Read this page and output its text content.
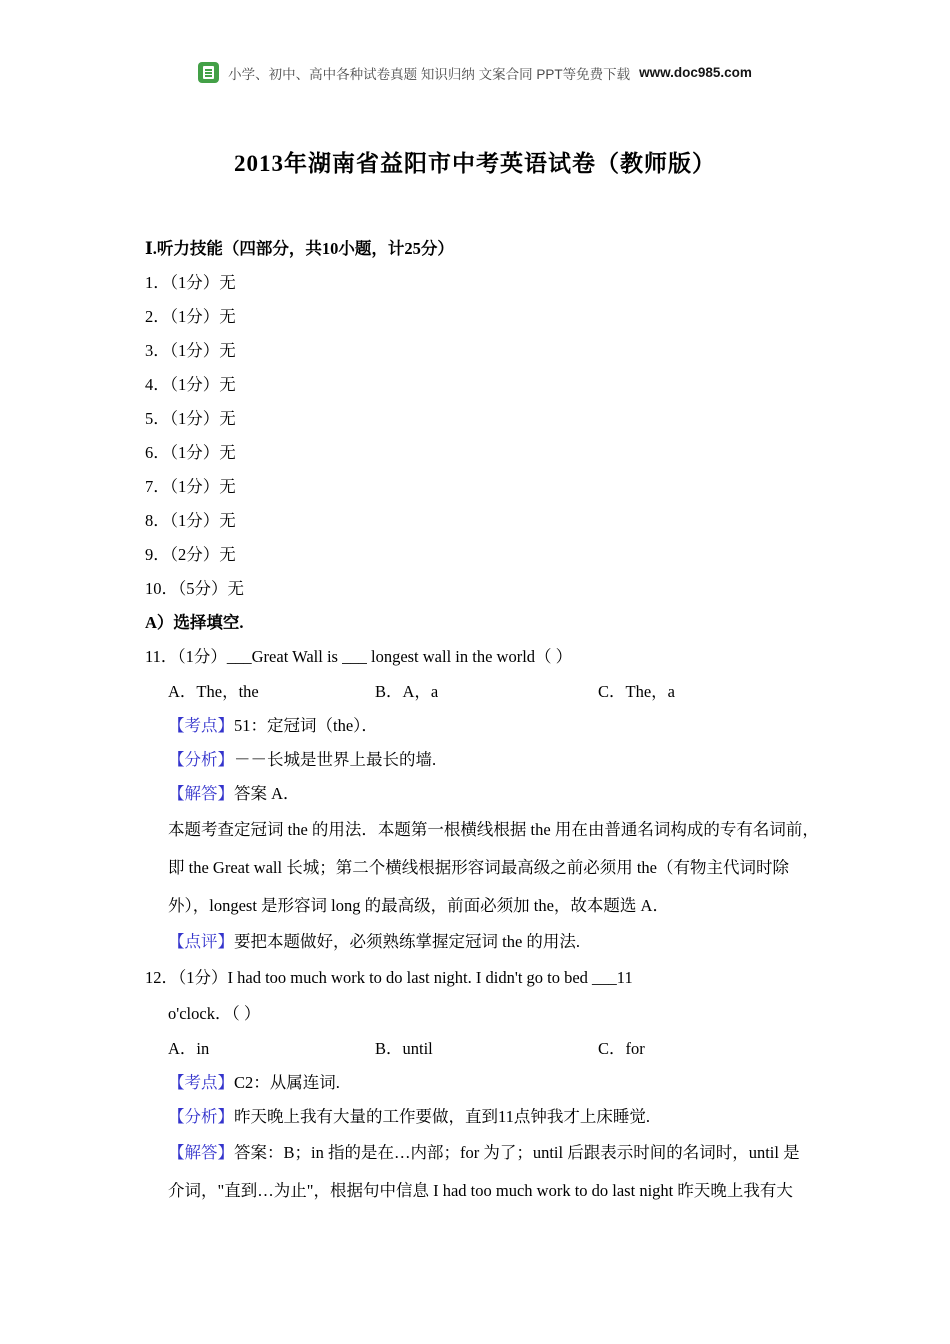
小学、初中、高中各种试卷真题 知识归纳 文案合同 PPT等免费下载 www.doc985.com
2013年湖南省益阳市中考英语试卷（教师版）
Ⅰ.听力技能（四部分，共10小题，计25分）
1．（1分）无
2．（1分）无
3．（1分）无
4．（1分）无
5．（1分）无
6．（1分）无
7．（1分）无
8．（1分）无
9．（2分）无
10．（5分）无
A）选择填空.
11．（1分）___Great Wall is ___ longest wall in the world（ ）
A．The，the	B．A，a	C．The，a
【考点】51：定冠词（the）．
【分析】－－长城是世界上最长的墙.
【解答】答案 A．
本题考查定冠词 the 的用法．本题第一根横线根据 the 用在由普通名词构成的专有名词前，
即 the Great wall 长城；第二个横线根据形容词最高级之前必须用 the（有物主代词时除
外），longest 是形容词 long 的最高级，前面必须加 the，故本题选 A．
【点评】要把本题做好，必须熟练掌握定冠词 the 的用法.
12．（1分）I had too much work to do last night. I didn't go to bed ___11
o'clock．（ ）
A．in	B．until	C．for
【考点】C2：从属连词.
【分析】昨天晚上我有大量的工作要做，直到11点钟我才上床睡觉.
【解答】答案：B；in 指的是在…内部；for 为了；until 后跟表示时间的名词时，until 是
介词，"直到…为止"，根据句中信息 I had too much work to do last night 昨天晚上我有大
